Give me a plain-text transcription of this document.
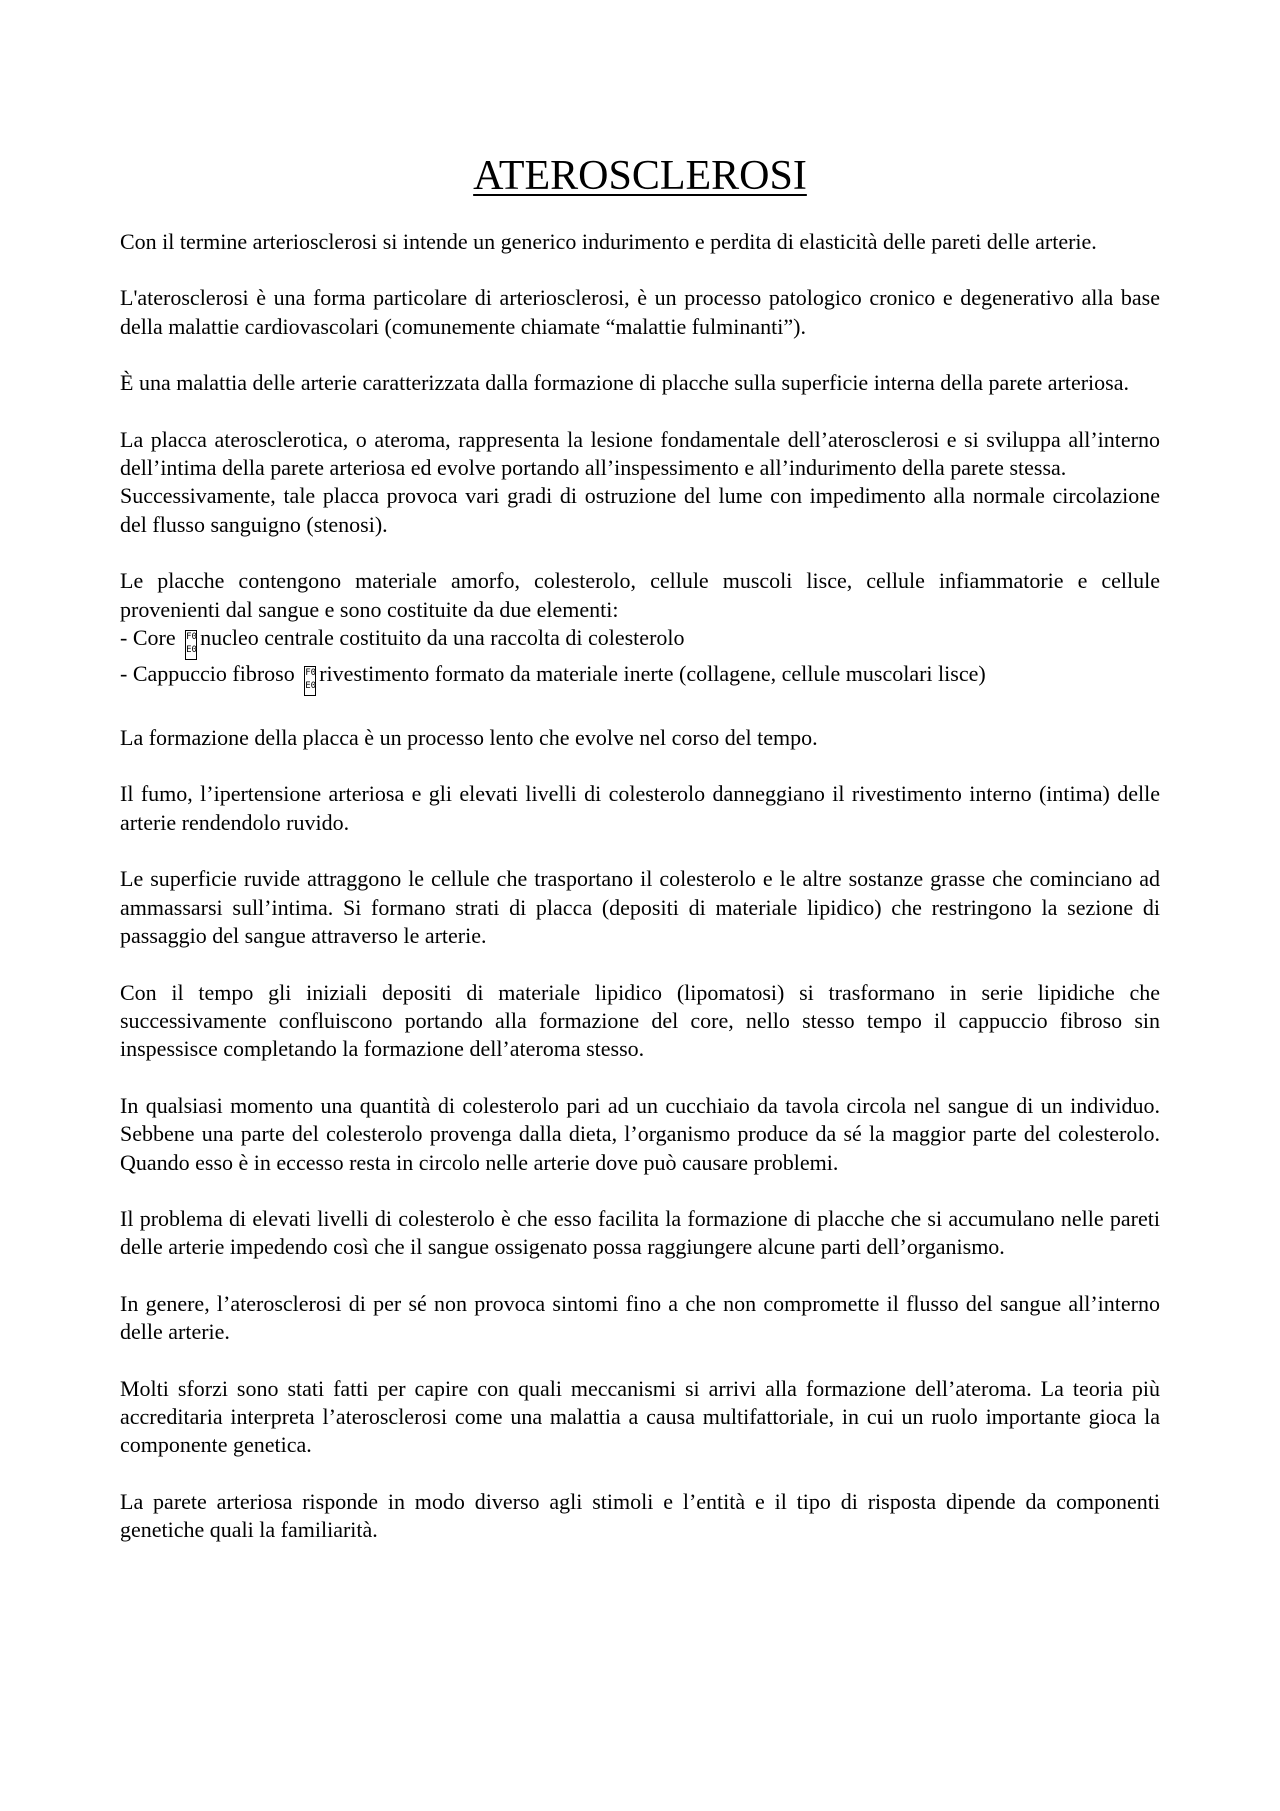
ATEROSCLEROSI

Con il termine arteriosclerosi si intende un generico indurimento e perdita di elasticità delle pareti delle arterie.

L'aterosclerosi è una forma particolare di arteriosclerosi, è un processo patologico cronico e degenerativo alla base della malattie cardiovascolari (comunemente chiamate “malattie fulminanti”).

È una malattia delle arterie caratterizzata dalla formazione di placche sulla superficie interna della parete arteriosa.

La placca aterosclerotica, o ateroma, rappresenta la lesione fondamentale dell’aterosclerosi e si sviluppa all’interno dell’intima della parete arteriosa ed evolve portando all’inspessimento e all’indurimento della parete stessa.

Successivamente, tale placca provoca vari gradi di ostruzione del lume con impedimento alla normale circolazione del flusso sanguigno (stenosi).

Le placche contengono materiale amorfo, colesterolo, cellule muscoli lisce, cellule infiammatorie e cellule provenienti dal sangue e sono costituite da due elementi:
- Core F0
E0 nucleo centrale costituito da una raccolta di colesterolo
- Cappuccio fibroso F0
E0 rivestimento formato da materiale inerte (collagene, cellule muscolari lisce)

La formazione della placca è un processo lento che evolve nel corso del tempo.

Il fumo, l’ipertensione arteriosa e gli elevati livelli di colesterolo danneggiano il rivestimento interno (intima) delle arterie rendendolo ruvido.

Le superficie ruvide attraggono le cellule che trasportano il colesterolo e le altre sostanze grasse che cominciano ad ammassarsi sull’intima. Si formano strati di placca (depositi di materiale lipidico) che restringono la sezione di passaggio del sangue attraverso le arterie.

Con il tempo gli iniziali depositi di materiale lipidico (lipomatosi) si trasformano in serie lipidiche che successivamente confluiscono portando alla formazione del core, nello stesso tempo il cappuccio fibroso sin inspessisce completando la formazione dell’ateroma stesso.

In qualsiasi momento una quantità di colesterolo pari ad un cucchiaio da tavola circola nel sangue di un individuo. Sebbene una parte del colesterolo provenga dalla dieta, l’organismo produce da sé la maggior parte del colesterolo. Quando esso è in eccesso resta in circolo nelle arterie dove può causare problemi.

Il problema di elevati livelli di colesterolo è che esso facilita la formazione di placche che si accumulano nelle pareti delle arterie impedendo così che il sangue ossigenato possa raggiungere alcune parti dell’organismo.

In genere, l’aterosclerosi di per sé non provoca sintomi fino a che non compromette il flusso del sangue all’interno delle arterie.

Molti sforzi sono stati fatti per capire con quali meccanismi si arrivi alla formazione dell’ateroma. La teoria più accreditaria interpreta l’aterosclerosi come una malattia a causa multifattoriale, in cui un ruolo importante gioca la componente genetica.

La parete arteriosa risponde in modo diverso agli stimoli e l’entità e il tipo di risposta dipende da componenti genetiche quali la familiarità.
